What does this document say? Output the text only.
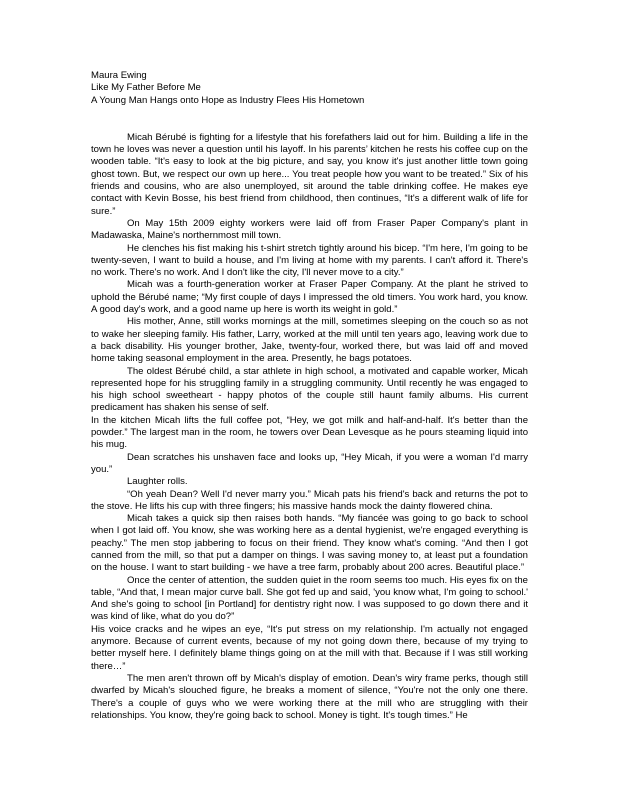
Maura Ewing

Like My Father Before Me

A Young Man Hangs onto Hope as Industry Flees His Hometown

Micah Bérubé is fighting for a lifestyle that his forefathers laid out for him. Building a life in the town he loves was never a question until his layoff. In his parents’ kitchen he rests his coffee cup on the wooden table. “It's easy to look at the big picture, and say, you know it's just another little town going ghost town. But, we respect our own up here... You treat people how you want to be treated.” Six of his friends and cousins, who are also unemployed, sit around the table drinking coffee. He makes eye contact with Kevin Bosse, his best friend from childhood, then continues, “It's a different walk of life for sure.”

On May 15th 2009 eighty workers were laid off from Fraser Paper Company's plant in Madawaska, Maine's northernmost mill town.

He clenches his fist making his t-shirt stretch tightly around his bicep. “I'm here, I'm going to be twenty-seven, I want to build a house, and I'm living at home with my parents. I can't afford it. There's no work. There's no work. And I don't like the city, I'll never move to a city.”

Micah was a fourth-generation worker at Fraser Paper Company. At the plant he strived to uphold the Bérubé name; “My first couple of days I impressed the old timers. You work hard, you know. A good day's work, and a good name up here is worth its weight in gold.”

His mother, Anne, still works mornings at the mill, sometimes sleeping on the couch so as not to wake her sleeping family. His father, Larry, worked at the mill until ten years ago, leaving work due to a back disability. His younger brother, Jake, twenty-four, worked there, but was laid off and moved home taking seasonal employment in the area. Presently, he bags potatoes.

The oldest Bérubé child, a star athlete in high school, a motivated and capable worker, Micah represented hope for his struggling family in a struggling community. Until recently he was engaged to his high school sweetheart - happy photos of the couple still haunt family albums. His current predicament has shaken his sense of self.

In the kitchen Micah lifts the full coffee pot, “Hey, we got milk and half-and-half. It's better than the powder.” The largest man in the room, he towers over Dean Levesque as he pours steaming liquid into his mug.

Dean scratches his unshaven face and looks up, “Hey Micah, if you were a woman I'd marry you.”

Laughter rolls.

“Oh yeah Dean? Well I'd never marry you.” Micah pats his friend's back and returns the pot to the stove. He lifts his cup with three fingers; his massive hands mock the dainty flowered china.

Micah takes a quick sip then raises both hands. “My fiancée was going to go back to school when I got laid off. You know, she was working here as a dental hygienist, we're engaged everything is peachy.” The men stop jabbering to focus on their friend. They know what's coming. “And then I got canned from the mill, so that put a damper on things. I was saving money to, at least put a foundation on the house. I want to start building - we have a tree farm, probably about 200 acres. Beautiful place.”

Once the center of attention, the sudden quiet in the room seems too much. His eyes fix on the table, “And that, I mean major curve ball. She got fed up and said, 'you know what, I'm going to school.' And she's going to school [in Portland] for dentistry right now. I was supposed to go down there and it was kind of like, what do you do?”

His voice cracks and he wipes an eye, “It's put stress on my relationship. I'm actually not engaged anymore. Because of current events, because of my not going down there, because of my trying to better myself here. I definitely blame things going on at the mill with that. Because if I was still working there…”

The men aren't thrown off by Micah's display of emotion. Dean's wiry frame perks, though still dwarfed by Micah's slouched figure, he breaks a moment of silence, “You're not the only one there. There's a couple of guys who we were working there at the mill who are struggling with their relationships. You know, they're going back to school. Money is tight. It's tough times.” He
